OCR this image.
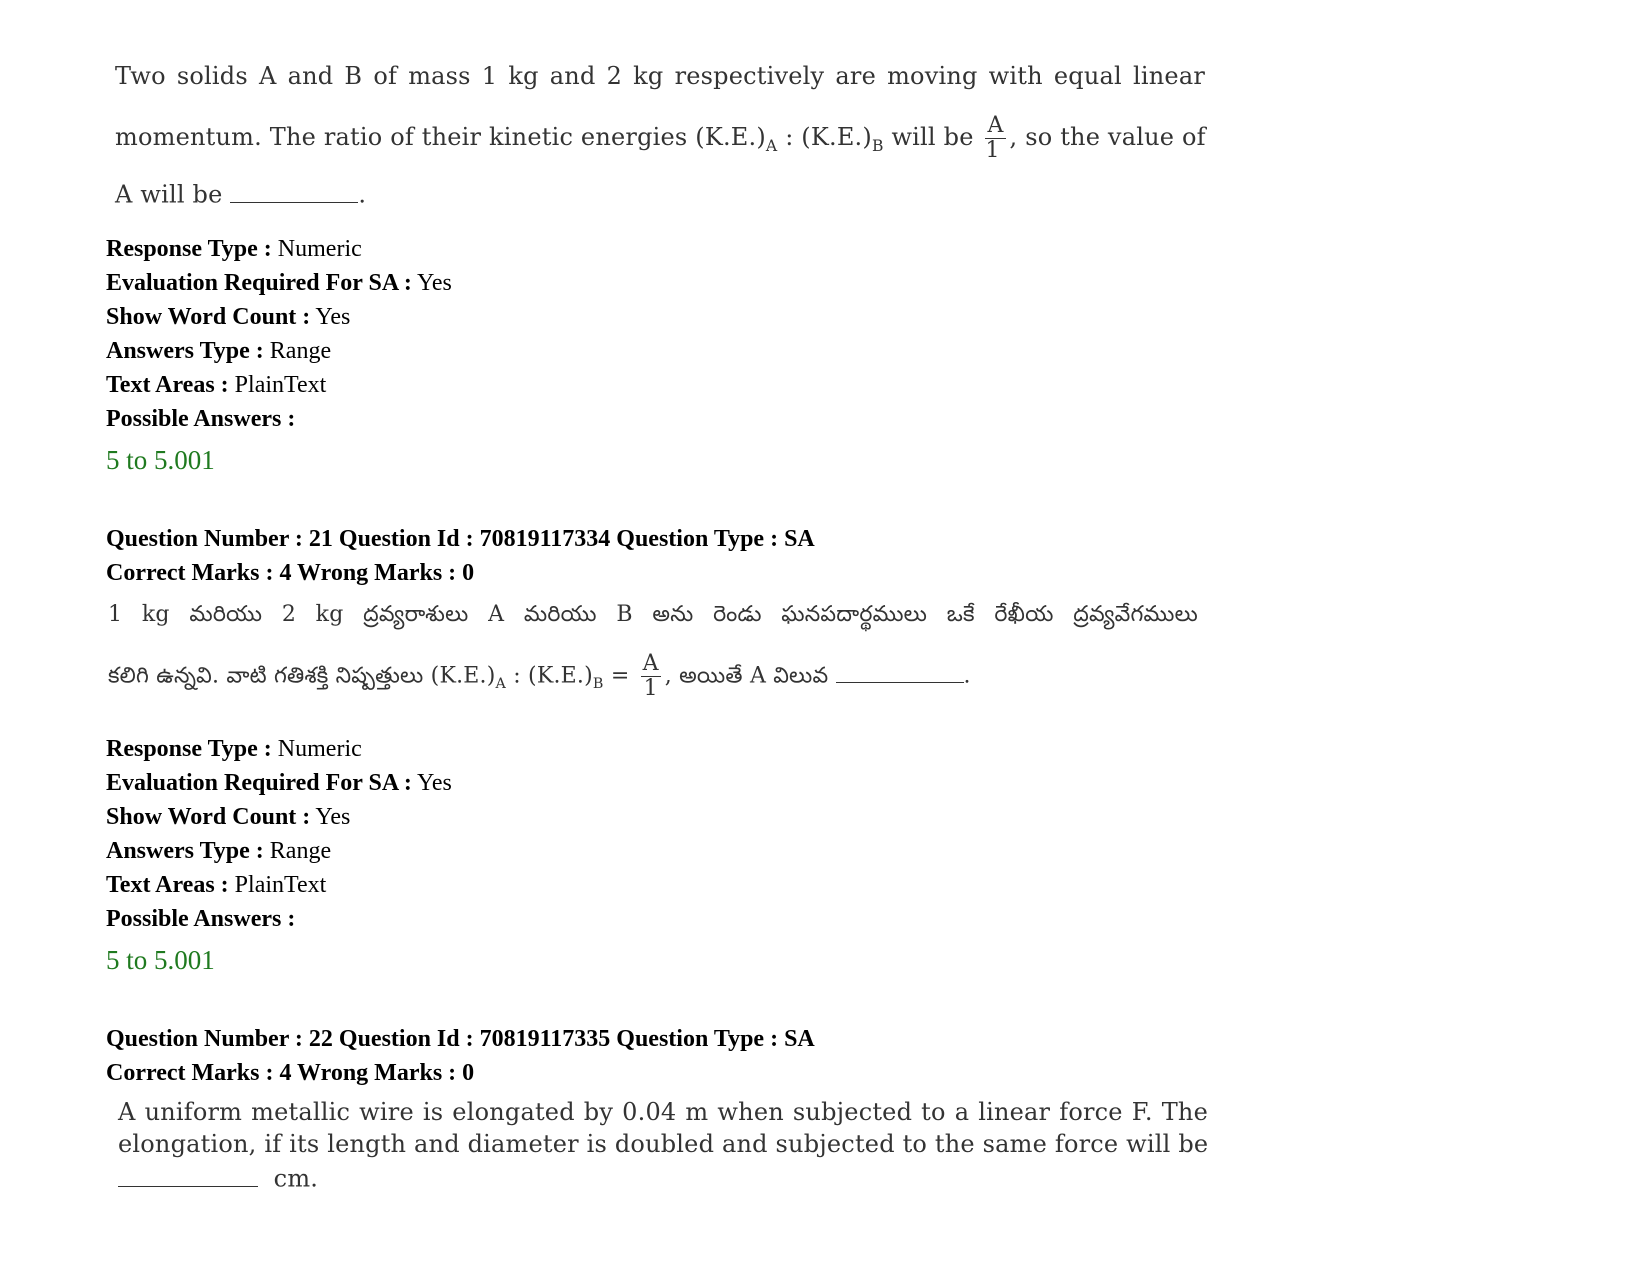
Two solids A and B of mass 1 kg and 2 kg respectively are moving with equal linear
momentum. The ratio of their kinetic energies $(K.E.)_A$ : $(K.E.)_B$ will be $\frac{A}{1}$ , so the value of
A will be	.
Response Type : Numeric
Evaluation Required For SA : Yes
Show Word Count : Yes
Answers Type : Range
Text Areas : PlainText
Possible Answers :
5 to 5.001
Question Number : 21 Question Id : 70819117334 Question Type : SA
Correct Marks : 4 Wrong Marks : 0
1 kg మరియు 2 kg ద్రవ్యరాశులు A మరియు B అను రెండు ఘనపదార్థములు ఒకే రేఖీయ ద్రవ్యవేగములు
కలిగి ఉన్నవి. వాటి గతిశక్తి నిష్పత్తులు $(K.E.)_A$ : $(K.E.)_B = \frac{A}{1}$ , అయితే A విలువ	.
Response Type : Numeric
Evaluation Required For SA : Yes
Show Word Count : Yes
Answers Type : Range
Text Areas : PlainText
Possible Answers :
5 to 5.001
Question Number : 22 Question Id : 70819117335 Question Type : SA
Correct Marks : 4 Wrong Marks : 0
A uniform metallic wire is elongated by 0.04 m when subjected to a linear force F. The
elongation, if its length and diameter is doubled and subjected to the same force will be
cm.
